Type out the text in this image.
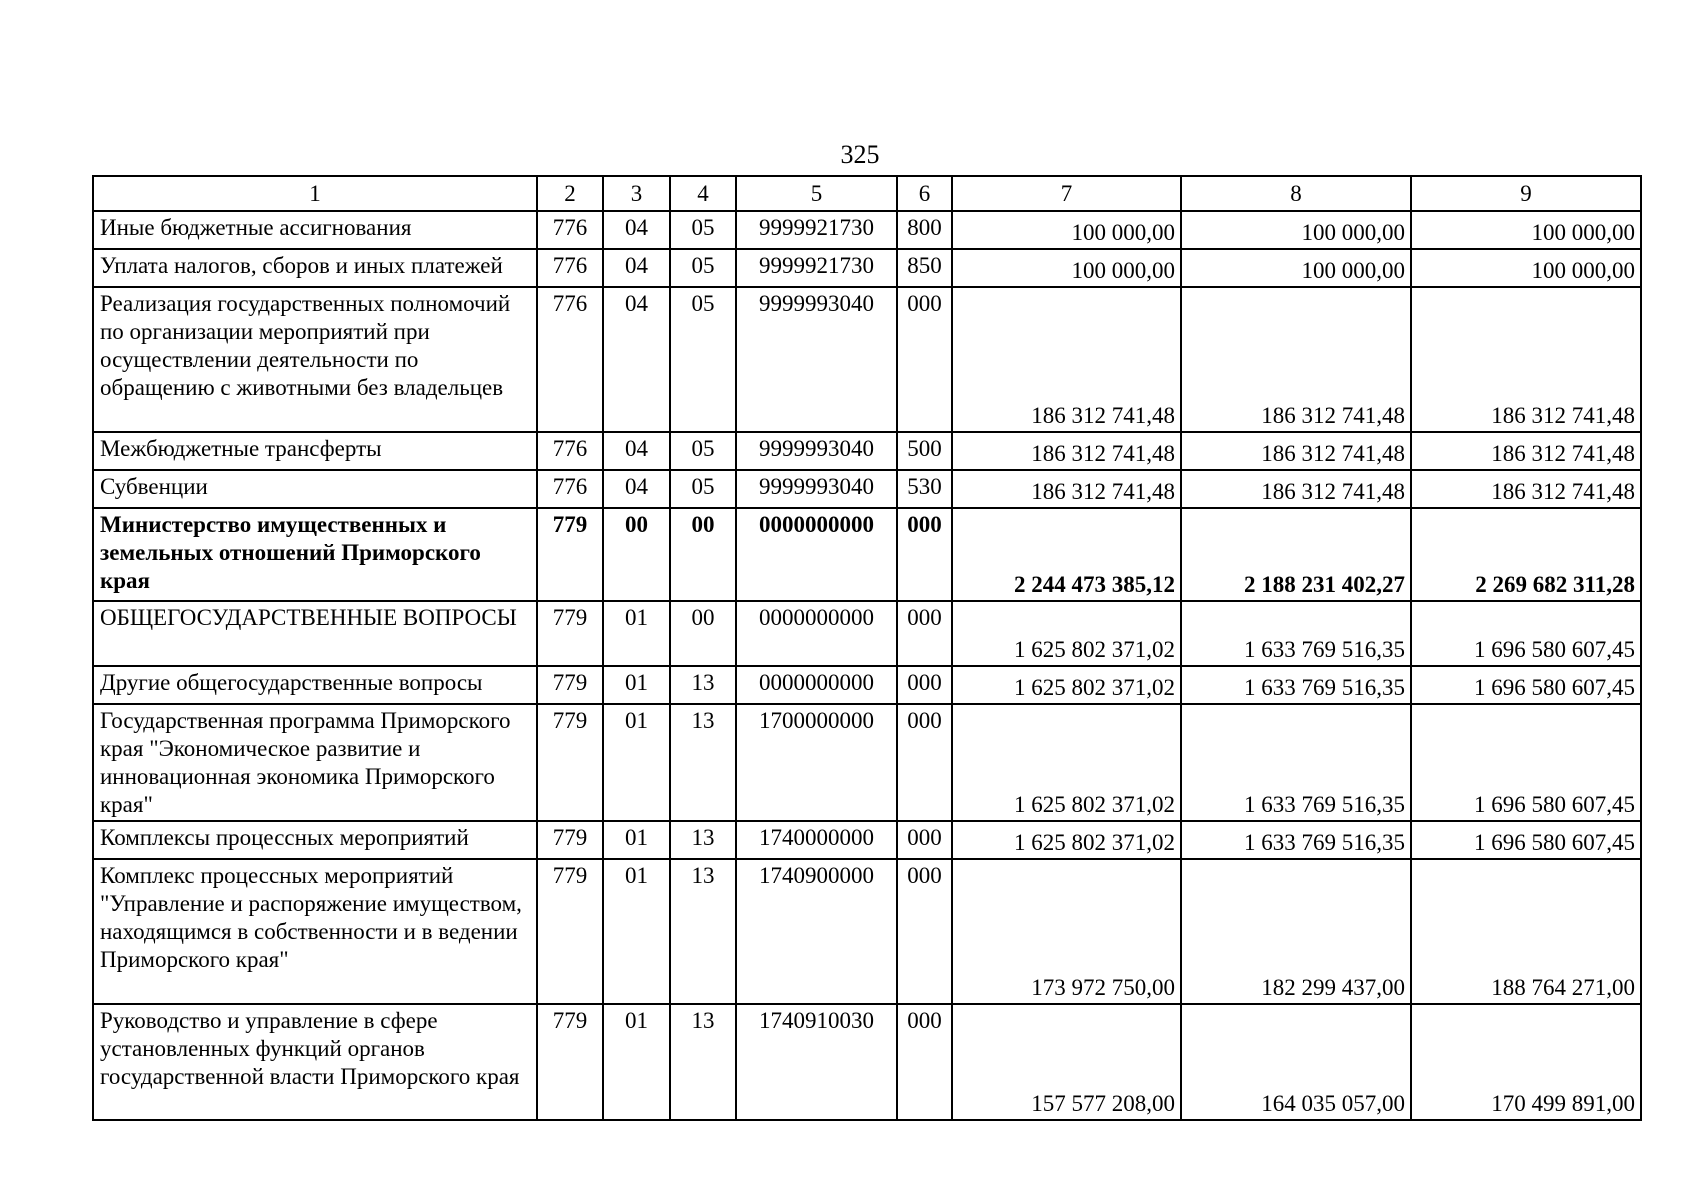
325
1	2	3	4	5	6	7	8	9
Иные бюджетные ассигнования	776	04	05	9999921730	800	100 000,00	100 000,00	100 000,00
Уплата налогов, сборов и иных платежей	776	04	05	9999921730	850	100 000,00	100 000,00	100 000,00
Реализация государственных полномочий по организации мероприятий при осуществлении деятельности по обращению с животными без владельцев	776	04	05	9999993040	000	186 312 741,48	186 312 741,48	186 312 741,48
Межбюджетные трансферты	776	04	05	9999993040	500	186 312 741,48	186 312 741,48	186 312 741,48
Субвенции	776	04	05	9999993040	530	186 312 741,48	186 312 741,48	186 312 741,48
Министерство имущественных и земельных отношений Приморского края	779	00	00	0000000000	000	2 244 473 385,12	2 188 231 402,27	2 269 682 311,28
ОБЩЕГОСУДАРСТВЕННЫЕ ВОПРОСЫ	779	01	00	0000000000	000	1 625 802 371,02	1 633 769 516,35	1 696 580 607,45
Другие общегосударственные вопросы	779	01	13	0000000000	000	1 625 802 371,02	1 633 769 516,35	1 696 580 607,45
Государственная программа Приморского края "Экономическое развитие и инновационная экономика Приморского края"	779	01	13	1700000000	000	1 625 802 371,02	1 633 769 516,35	1 696 580 607,45
Комплексы процессных мероприятий	779	01	13	1740000000	000	1 625 802 371,02	1 633 769 516,35	1 696 580 607,45
Комплекс процессных мероприятий "Управление и распоряжение имуществом, находящимся в собственности и в ведении Приморского края"	779	01	13	1740900000	000	173 972 750,00	182 299 437,00	188 764 271,00
Руководство и управление в сфере установленных функций органов государственной власти Приморского края	779	01	13	1740910030	000	157 577 208,00	164 035 057,00	170 499 891,00
